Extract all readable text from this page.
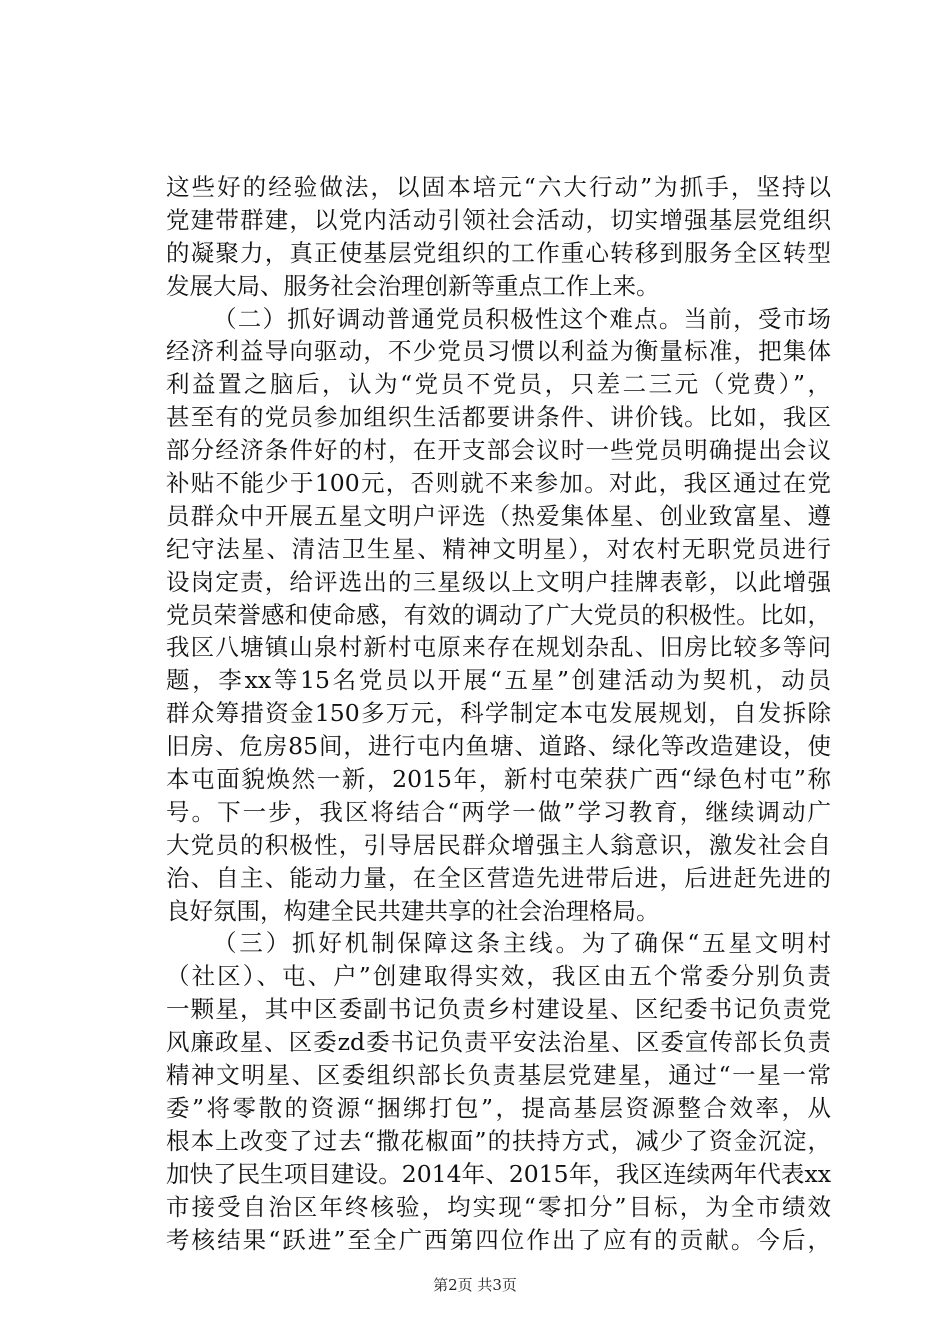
这些好的经验做法，以固本培元“六大行动”为抓手，坚持以
党建带群建，以党内活动引领社会活动，切实增强基层党组织
的凝聚力，真正使基层党组织的工作重心转移到服务全区转型
发展大局、服务社会治理创新等重点工作上来。
（二）抓好调动普通党员积极性这个难点。当前，受市场
经济利益导向驱动，不少党员习惯以利益为衡量标准，把集体
利益置之脑后，认为“党员不党员，只差二三元（党费）”，
甚至有的党员参加组织生活都要讲条件、讲价钱。比如，我区
部分经济条件好的村，在开支部会议时一些党员明确提出会议
补贴不能少于100元，否则就不来参加。对此，我区通过在党
员群众中开展五星文明户评选（热爱集体星、创业致富星、遵
纪守法星、清洁卫生星、精神文明星），对农村无职党员进行
设岗定责，给评选出的三星级以上文明户挂牌表彰，以此增强
党员荣誉感和使命感，有效的调动了广大党员的积极性。比如，
我区八塘镇山泉村新村屯原来存在规划杂乱、旧房比较多等问
题，李xx等15名党员以开展“五星”创建活动为契机，动员
群众筹措资金150多万元，科学制定本屯发展规划，自发拆除
旧房、危房85间，进行屯内鱼塘、道路、绿化等改造建设，使
本屯面貌焕然一新，2015年，新村屯荣获广西“绿色村屯”称
号。下一步，我区将结合“两学一做”学习教育，继续调动广
大党员的积极性，引导居民群众增强主人翁意识，激发社会自
治、自主、能动力量，在全区营造先进带后进，后进赶先进的
良好氛围，构建全民共建共享的社会治理格局。
（三）抓好机制保障这条主线。为了确保“五星文明村
（社区）、屯、户”创建取得实效，我区由五个常委分别负责
一颗星，其中区委副书记负责乡村建设星、区纪委书记负责党
风廉政星、区委zd委书记负责平安法治星、区委宣传部长负责
精神文明星、区委组织部长负责基层党建星，通过“一星一常
委”将零散的资源“捆绑打包”，提高基层资源整合效率，从
根本上改变了过去“撒花椒面”的扶持方式，减少了资金沉淀，
加快了民生项目建设。2014年、2015年，我区连续两年代表xx
市接受自治区年终核验，均实现“零扣分”目标，为全市绩效
考核结果“跃进”至全广西第四位作出了应有的贡献。今后，
第2页 共3页
